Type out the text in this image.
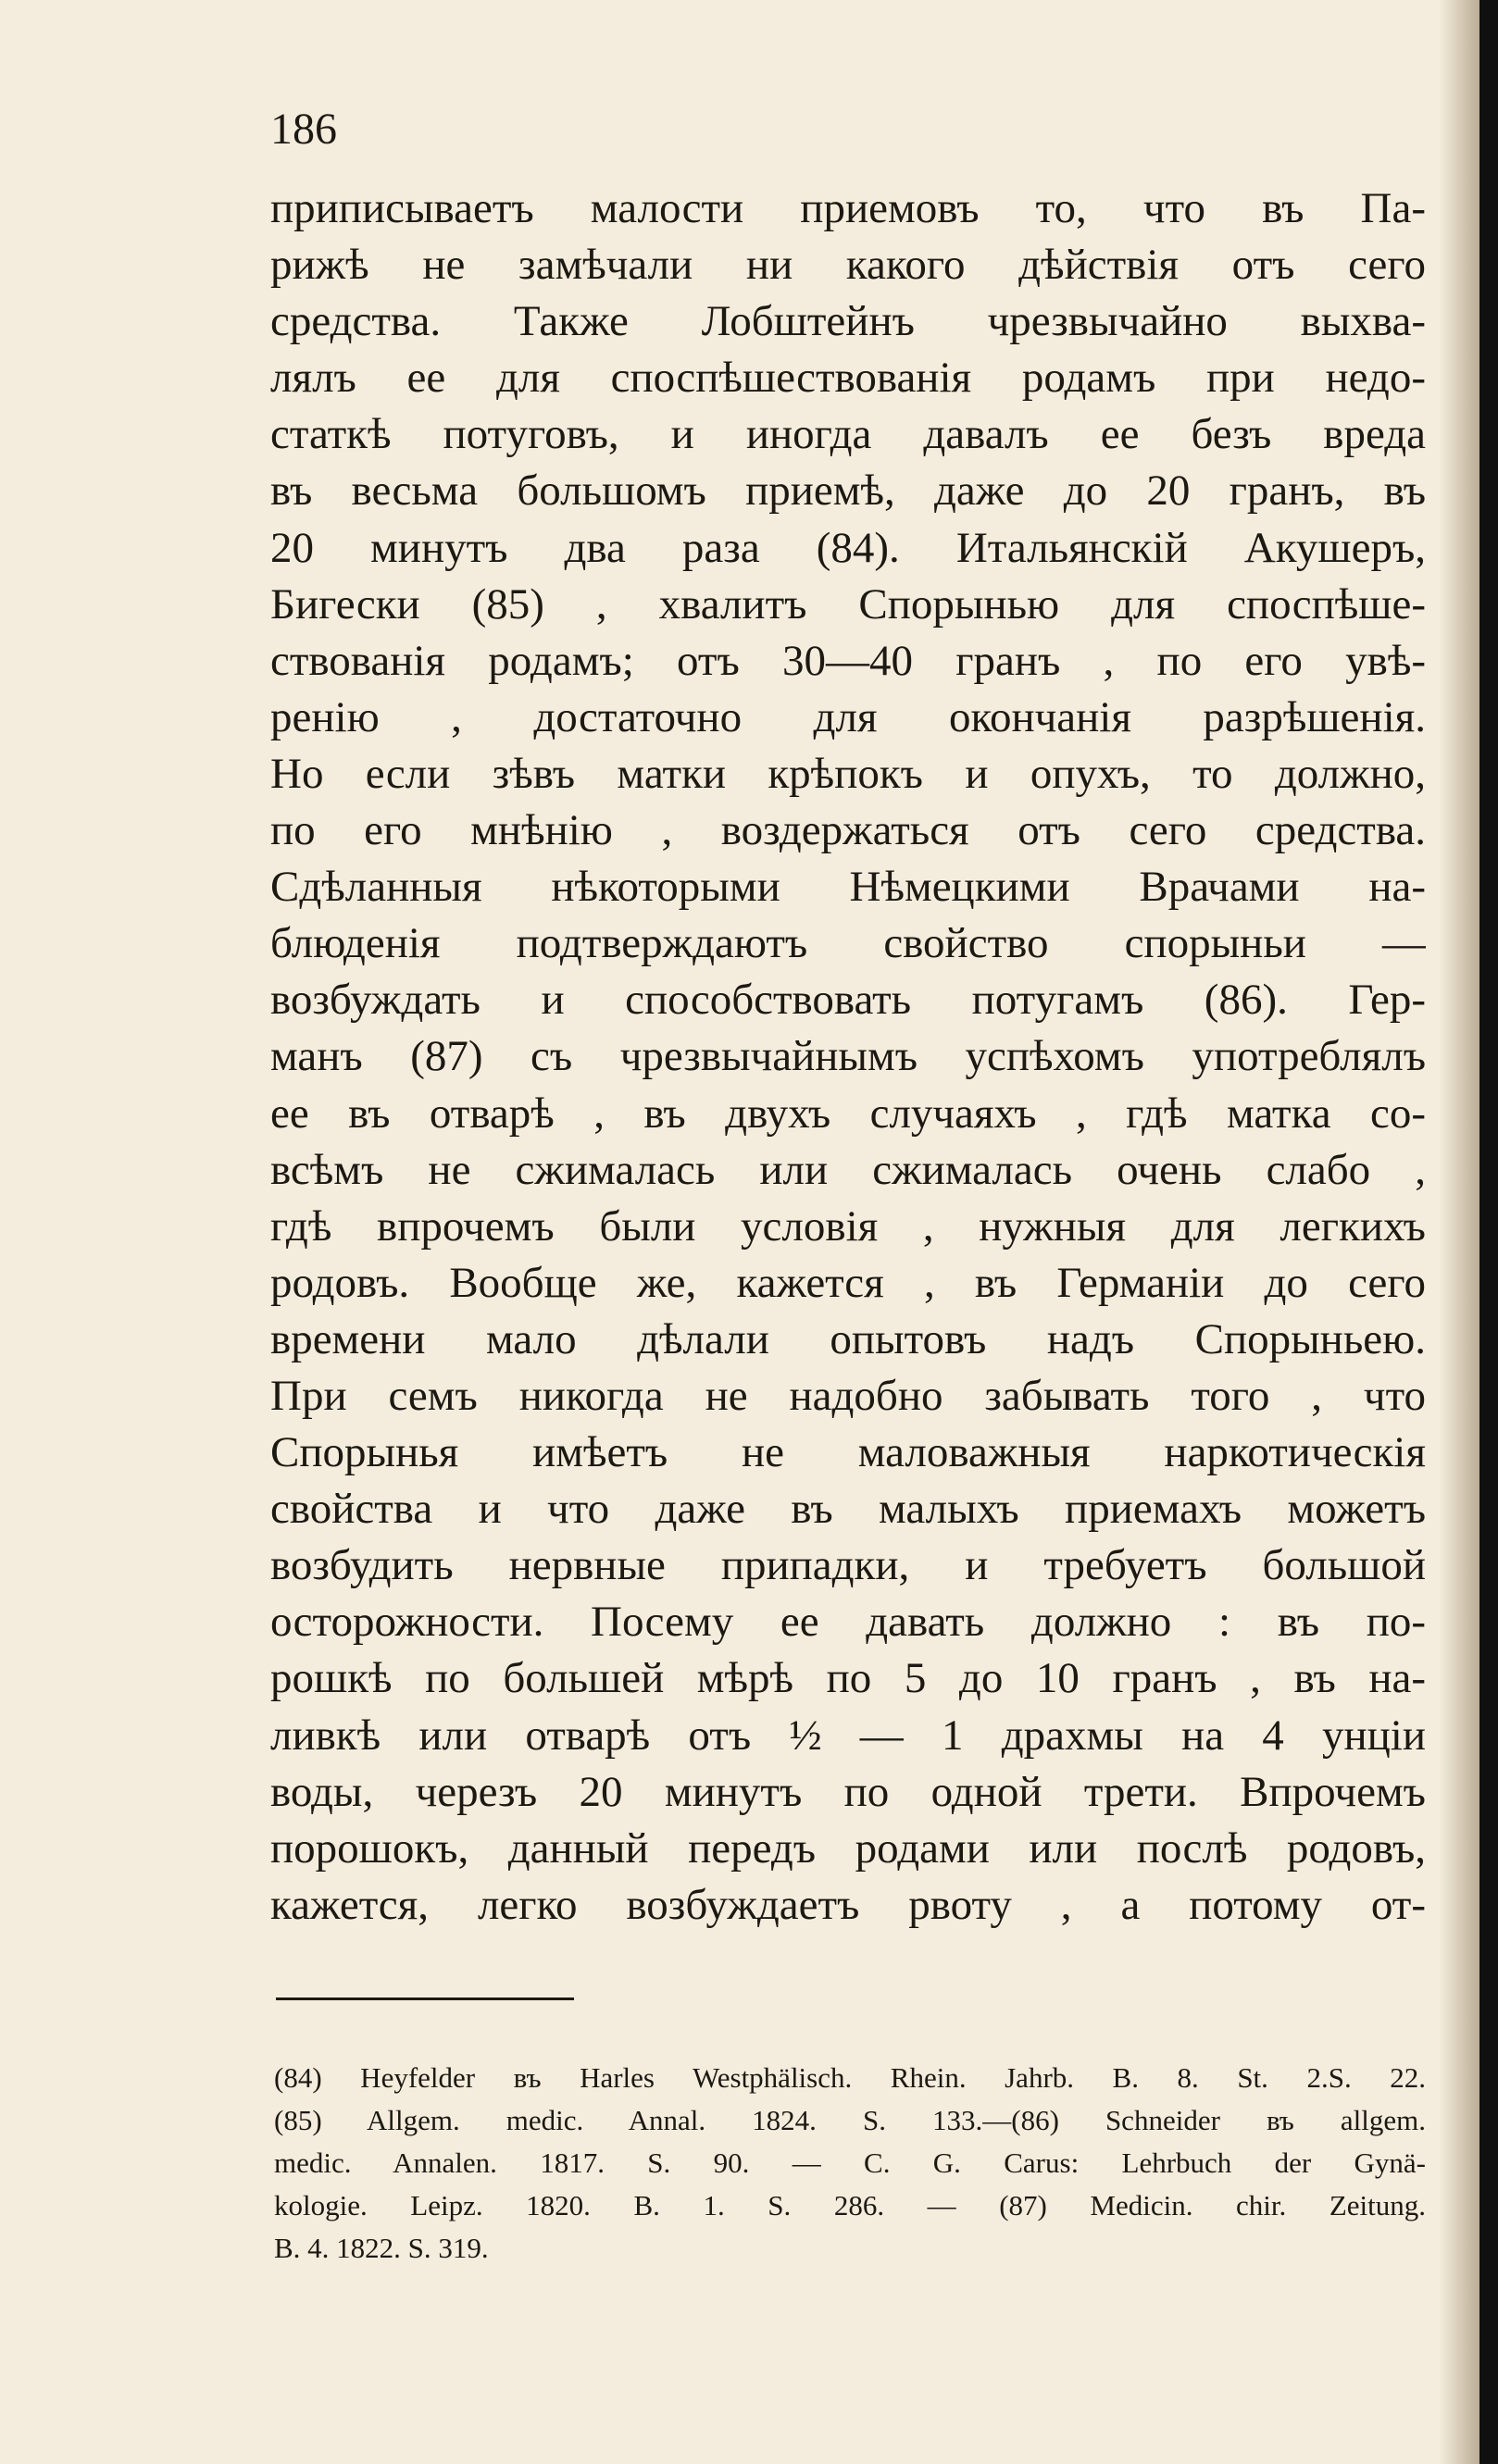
186
приписываетъ малости приемовъ то, что въ Па-
рижѣ не замѣчали ни какого дѣйствія отъ сего
средства. Также Лобштейнъ чрезвычайно выхва-
лялъ ее для споспѣшествованія родамъ при недо-
статкѣ потуговъ, и иногда давалъ ее безъ вреда
въ весьма большомъ приемѣ, даже до 20 гранъ, въ
20 минутъ два раза (84). Итальянскій Акушеръ,
Бигески (85) , хвалитъ Спорынью для споспѣше-
ствованія родамъ; отъ 30—40 гранъ , по его увѣ-
ренію , достаточно для окончанія разрѣшенія.
Но если зѣвъ матки крѣпокъ и опухъ, то должно,
по его мнѣнію , воздержаться отъ сего средства.
Сдѣланныя нѣкоторыми Нѣмецкими Врачами на-
блюденія подтверждаютъ свойство спорыньи —
возбуждать и способствовать потугамъ (86). Гер-
манъ (87) съ чрезвычайнымъ успѣхомъ употреблялъ
ее въ отварѣ , въ двухъ случаяхъ , гдѣ матка со-
всѣмъ не сжималась или сжималась очень слабо ,
гдѣ впрочемъ были условія , нужныя для легкихъ
родовъ. Вообще же, кажется , въ Германіи до сего
времени мало дѣлали опытовъ надъ Спорыньею.
При семъ никогда не надобно забывать того , что
Спорынья имѣетъ не маловажныя наркотическія
свойства и что даже въ малыхъ приемахъ можетъ
возбудить нервные припадки, и требуетъ большой
осторожности. Посему ее давать должно : въ по-
рошкѣ по большей мѣрѣ по 5 до 10 гранъ , въ на-
ливкѣ или отварѣ отъ ½ — 1 драхмы на 4 унціи
воды, черезъ 20 минутъ по одной трети. Впрочемъ
порошокъ, данный передъ родами или послѣ родовъ,
кажется, легко возбуждаетъ рвоту , а потому от-
(84) Heyfelder въ Harles Westphälisch. Rhein. Jahrb. B. 8. St. 2.S. 22.
(85) Allgem. medic. Annal. 1824. S. 133.—(86) Schneider въ allgem.
medic. Annalen. 1817. S. 90. — C. G. Carus: Lehrbuch der Gynä-
kologie. Leipz. 1820. B. 1. S. 286. — (87) Medicin. chir. Zeitung.
B. 4. 1822. S. 319.
